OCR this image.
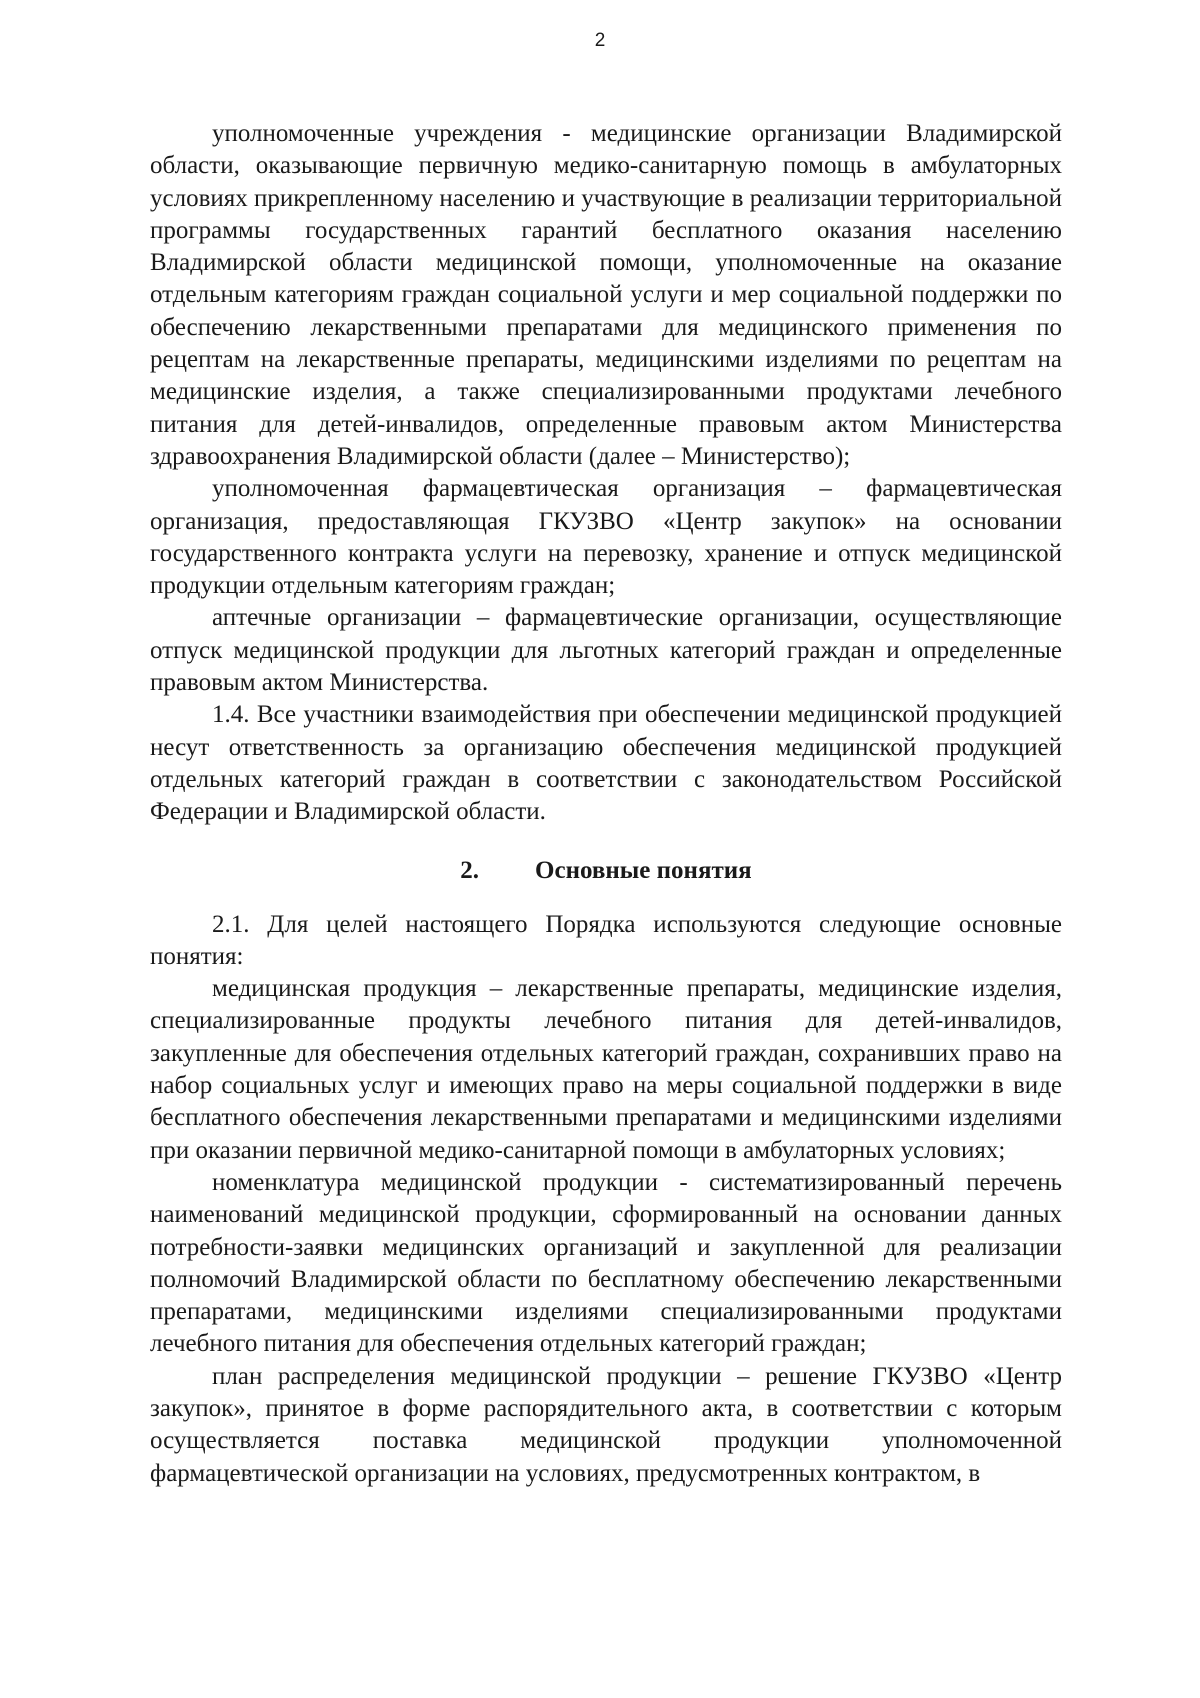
2

уполномоченные учреждения - медицинские организации Владимирской области, оказывающие первичную медико-санитарную помощь в амбулаторных условиях прикрепленному населению и участвующие в реализации территориальной программы государственных гарантий бесплатного оказания населению Владимирской области медицинской помощи, уполномоченные на оказание отдельным категориям граждан социальной услуги и мер социальной поддержки по обеспечению лекарственными препаратами для медицинского применения по рецептам на лекарственные препараты, медицинскими изделиями по рецептам на медицинские изделия, а также специализированными продуктами лечебного питания для детей-инвалидов, определенные правовым актом Министерства здравоохранения Владимирской области (далее – Министерство);

уполномоченная фармацевтическая организация – фармацевтическая организация, предоставляющая ГКУЗВО «Центр закупок» на основании государственного контракта услуги на перевозку, хранение и отпуск медицинской продукции отдельным категориям граждан;

аптечные организации – фармацевтические организации, осуществляющие отпуск медицинской продукции для льготных категорий граждан и определенные правовым актом Министерства.

1.4. Все участники взаимодействия при обеспечении медицинской продукцией несут ответственность за организацию обеспечения медицинской продукцией отдельных категорий граждан в соответствии с законодательством Российской Федерации и Владимирской области.

2. Основные понятия

2.1. Для целей настоящего Порядка используются следующие основные понятия:

медицинская продукция – лекарственные препараты, медицинские изделия, специализированные продукты лечебного питания для детей-инвалидов, закупленные для обеспечения отдельных категорий граждан, сохранивших право на набор социальных услуг и имеющих право на меры социальной поддержки в виде бесплатного обеспечения лекарственными препаратами и медицинскими изделиями при оказании первичной медико-санитарной помощи в амбулаторных условиях;

номенклатура медицинской продукции - систематизированный перечень наименований медицинской продукции, сформированный на основании данных потребности-заявки медицинских организаций и закупленной для реализации полномочий Владимирской области по бесплатному обеспечению лекарственными препаратами, медицинскими изделиями специализированными продуктами лечебного питания для обеспечения отдельных категорий граждан;

план распределения медицинской продукции – решение ГКУЗВО «Центр закупок», принятое в форме распорядительного акта, в соответствии с которым осуществляется поставка медицинской продукции уполномоченной фармацевтической организации на условиях, предусмотренных контрактом, в
